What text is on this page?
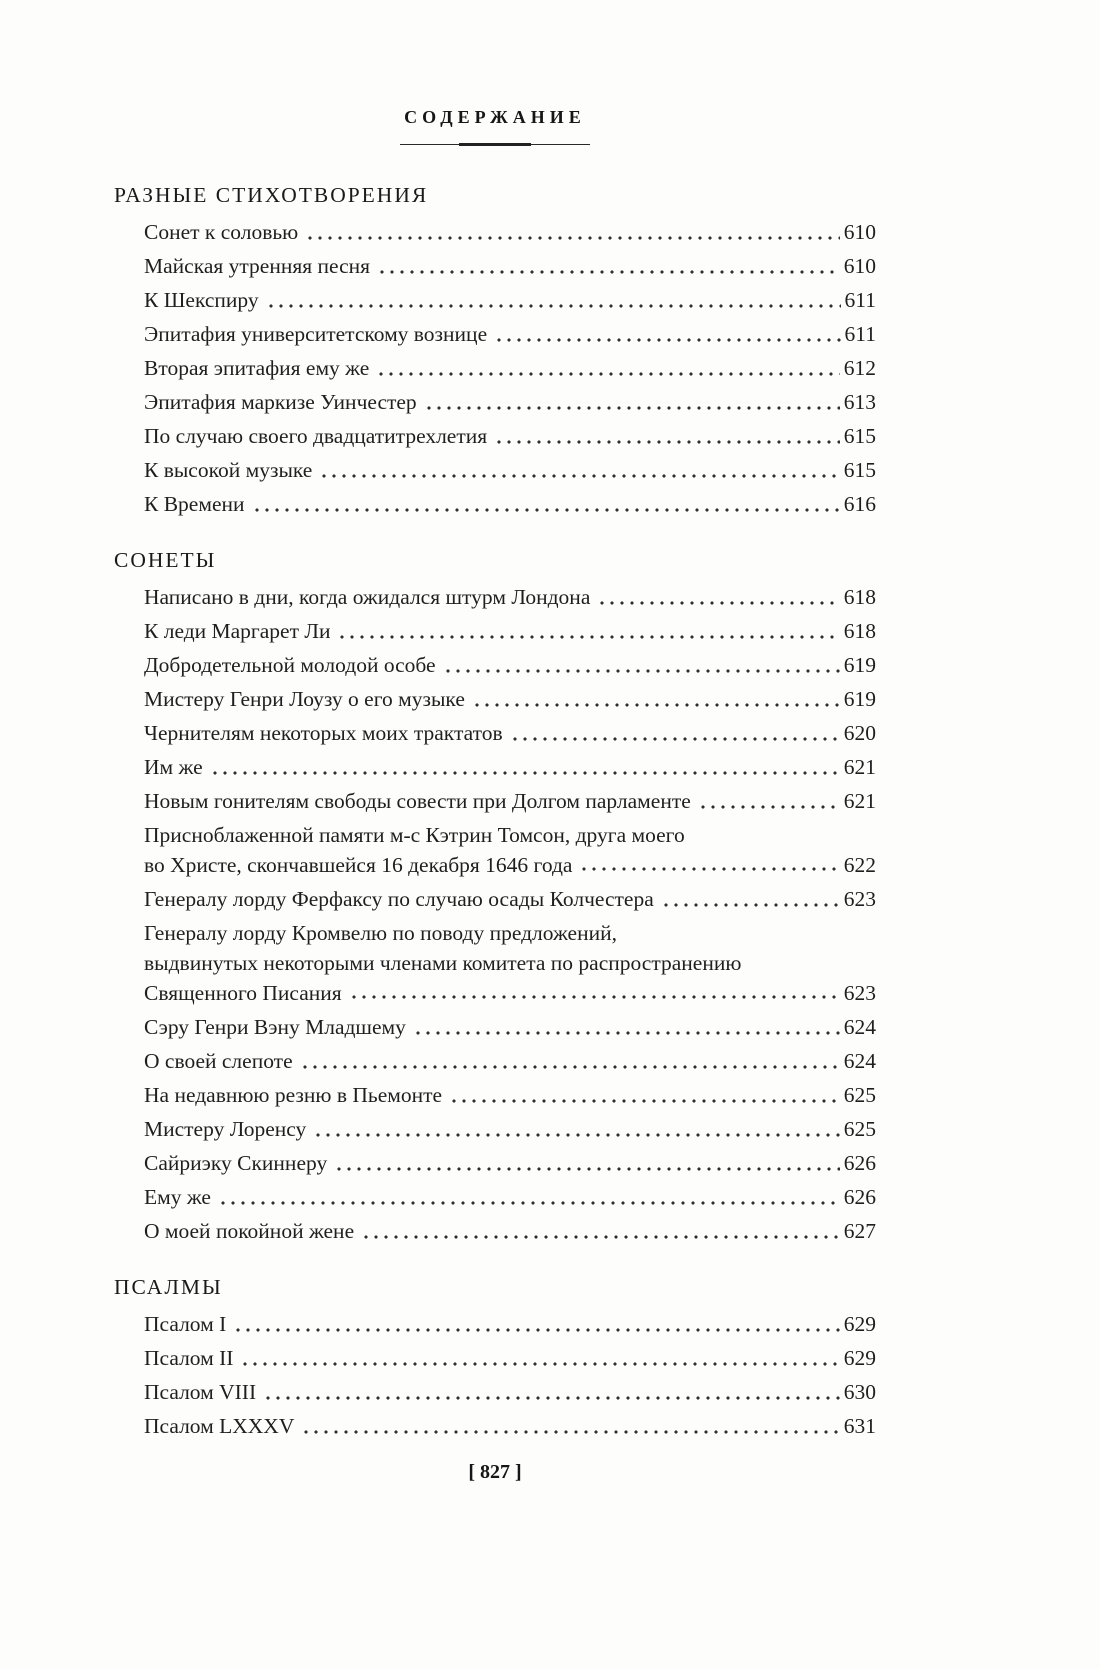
СОДЕРЖАНИЕ
РАЗНЫЕ СТИХОТВОРЕНИЯ
Сонет к соловью	610
Майская утренняя песня	610
К Шекспиру	611
Эпитафия университетскому вознице	611
Вторая эпитафия ему же	612
Эпитафия маркизе Уинчестер	613
По случаю своего двадцатитрехлетия	615
К высокой музыке	615
К Времени	616
СОНЕТЫ
Написано в дни, когда ожидался штурм Лондона	618
К леди Маргарет Ли	618
Добродетельной молодой особе	619
Мистеру Генри Лоузу о его музыке	619
Чернителям некоторых моих трактатов	620
Им же	621
Новым гонителям свободы совести при Долгом парламенте	621
Присноблаженной памяти м-с Кэтрин Томсон, друга моего
во Христе, скончавшейся 16 декабря 1646 года	622
Генералу лорду Ферфаксу по случаю осады Колчестера	623
Генералу лорду Кромвелю по поводу предложений,
выдвинутых некоторыми членами комитета по распространению
Священного Писания	623
Сэру Генри Вэну Младшему	624
О своей слепоте	624
На недавнюю резню в Пьемонте	625
Мистеру Лоренсу	625
Сайриэку Скиннеру	626
Ему же	626
О моей покойной жене	627
ПСАЛМЫ
Псалом I	629
Псалом II	629
Псалом VIII	630
Псалом LXXXV	631
[ 827 ]
